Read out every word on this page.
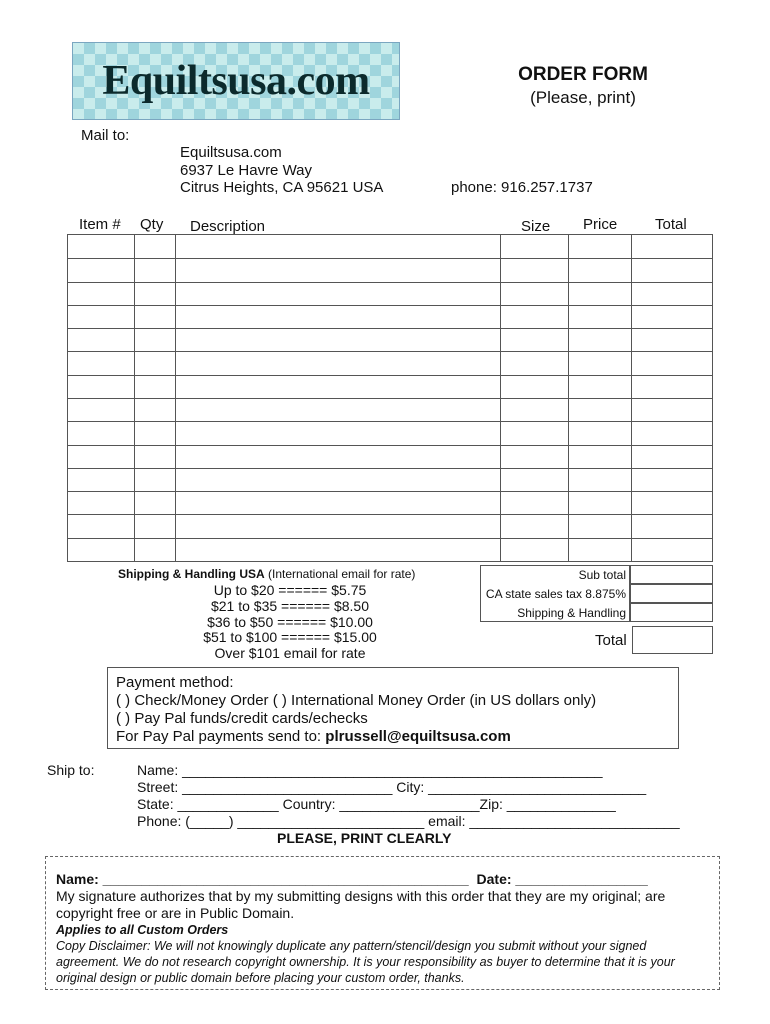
Equiltsusa.com	ORDER FORM
(Please, print)
Mail to:
Equiltsusa.com
6937 Le Havre Way
Citrus Heights, CA 95621 USA	phone: 916.257.1737
Item # Qty Description	Size Price	Total
Shipping & Handling USA (International email for rate)
Up to $20 ====== $5.75
$21 to $35 ====== $8.50
$36 to $50 ====== $10.00
$51 to $100 ====== $15.00
Over $101 email for rate
Sub total
CA state sales tax 8.875%
Shipping & Handling
Total
Payment method:
( ) Check/Money Order ( ) International Money Order (in US dollars only)
( ) Pay Pal funds/credit cards/echecks
For Pay Pal payments send to: plrussell@equiltsusa.com
Ship to:	Name: ______________________________________________________
Street: ___________________________ City: ____________________________
State: _____________ Country: __________________Zip: ______________
Phone: (_____) ________________________ email: ___________________________
PLEASE, PRINT CLEARLY
Name: _______________________________________________ Date: _________________
My signature authorizes that by my submitting designs with this order that they are my original; are copyright free or are in Public Domain.
Applies to all Custom Orders
Copy Disclaimer: We will not knowingly duplicate any pattern/stencil/design you submit without your signed agreement. We do not research copyright ownership. It is your responsibility as buyer to determine that it is your original design or public domain before placing your custom order, thanks.
